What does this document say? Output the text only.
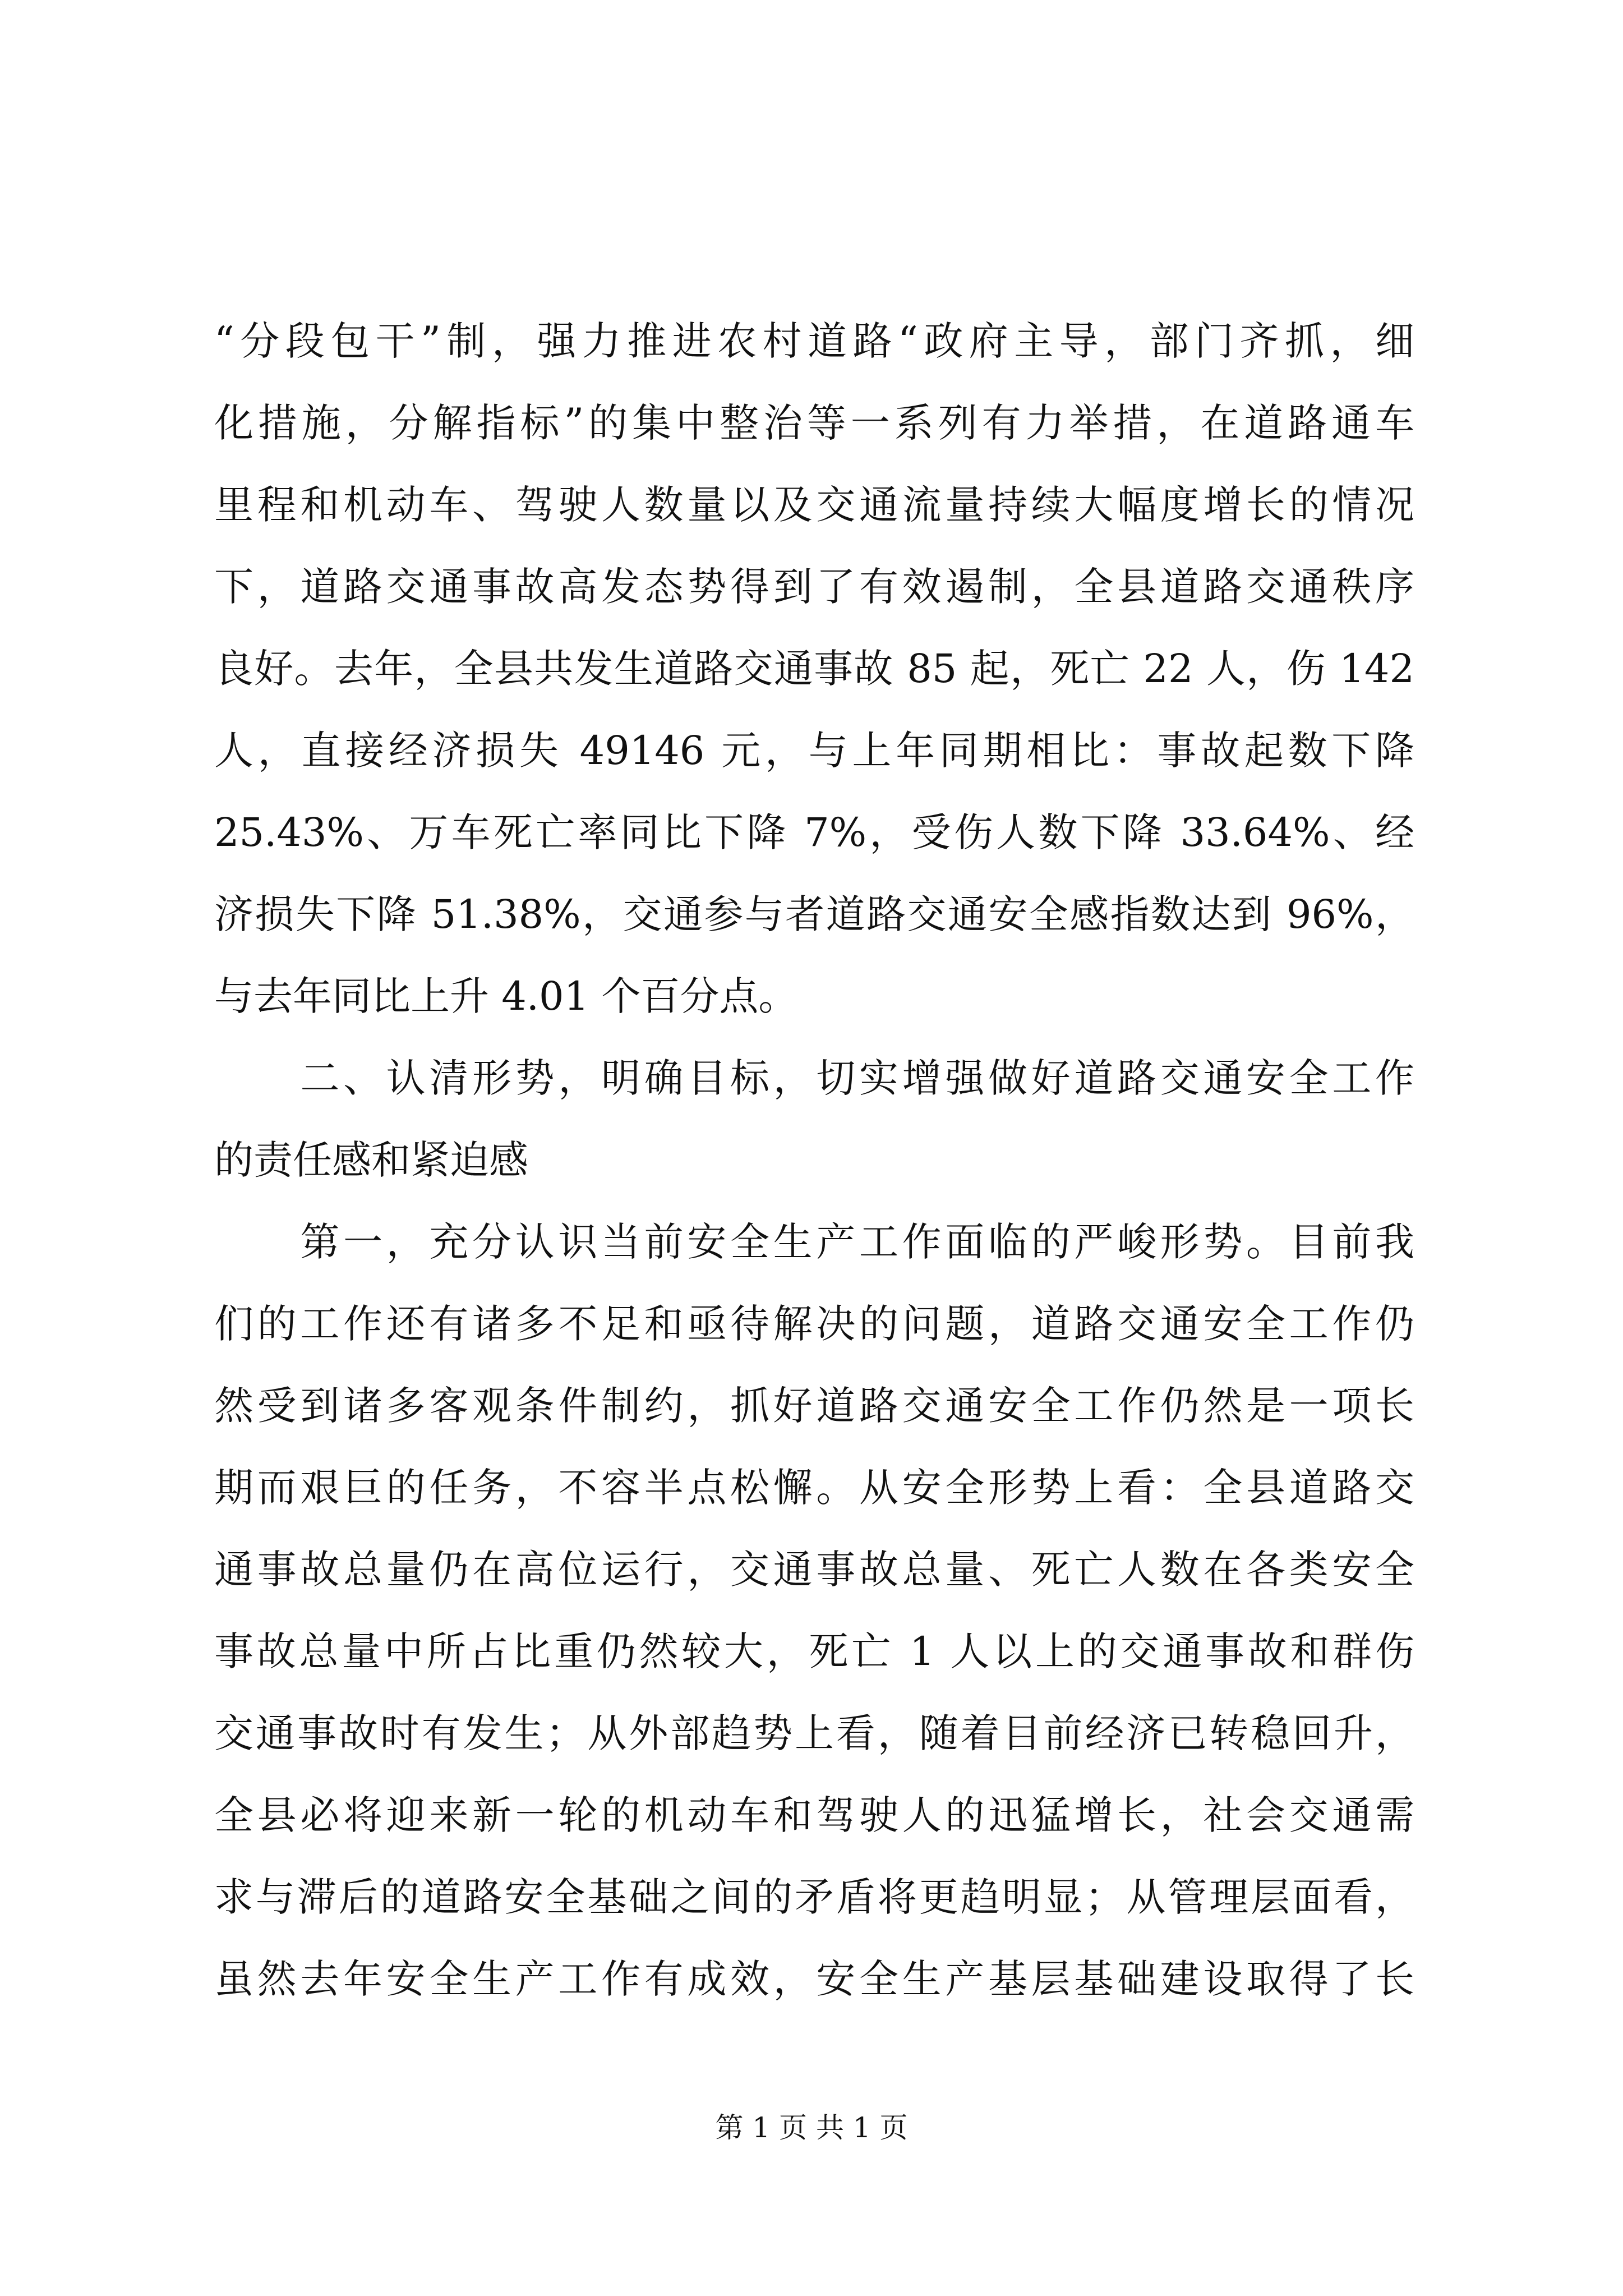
“分段包干”制，强力推进农村道路“政府主导，部门齐抓，细
化措施，分解指标”的集中整治等一系列有力举措，在道路通车
里程和机动车、驾驶人数量以及交通流量持续大幅度增长的情况
下，道路交通事故高发态势得到了有效遏制，全县道路交通秩序
良好。去年，全县共发生道路交通事故 85 起，死亡 22 人，伤 142
人，直接经济损失 49146 元，与上年同期相比：事故起数下降
25.43%、万车死亡率同比下降 7%，受伤人数下降 33.64%、经
济损失下降 51.38%，交通参与者道路交通安全感指数达到 96%，
与去年同比上升 4.01 个百分点。
　　二、认清形势，明确目标，切实增强做好道路交通安全工作
的责任感和紧迫感
　　第一，充分认识当前安全生产工作面临的严峻形势。目前我
们的工作还有诸多不足和亟待解决的问题，道路交通安全工作仍
然受到诸多客观条件制约，抓好道路交通安全工作仍然是一项长
期而艰巨的任务，不容半点松懈。从安全形势上看：全县道路交
通事故总量仍在高位运行，交通事故总量、死亡人数在各类安全
事故总量中所占比重仍然较大，死亡 1 人以上的交通事故和群伤
交通事故时有发生；从外部趋势上看，随着目前经济已转稳回升，
全县必将迎来新一轮的机动车和驾驶人的迅猛增长，社会交通需
求与滞后的道路安全基础之间的矛盾将更趋明显；从管理层面看，
虽然去年安全生产工作有成效，安全生产基层基础建设取得了长
第 1 页 共 1 页
